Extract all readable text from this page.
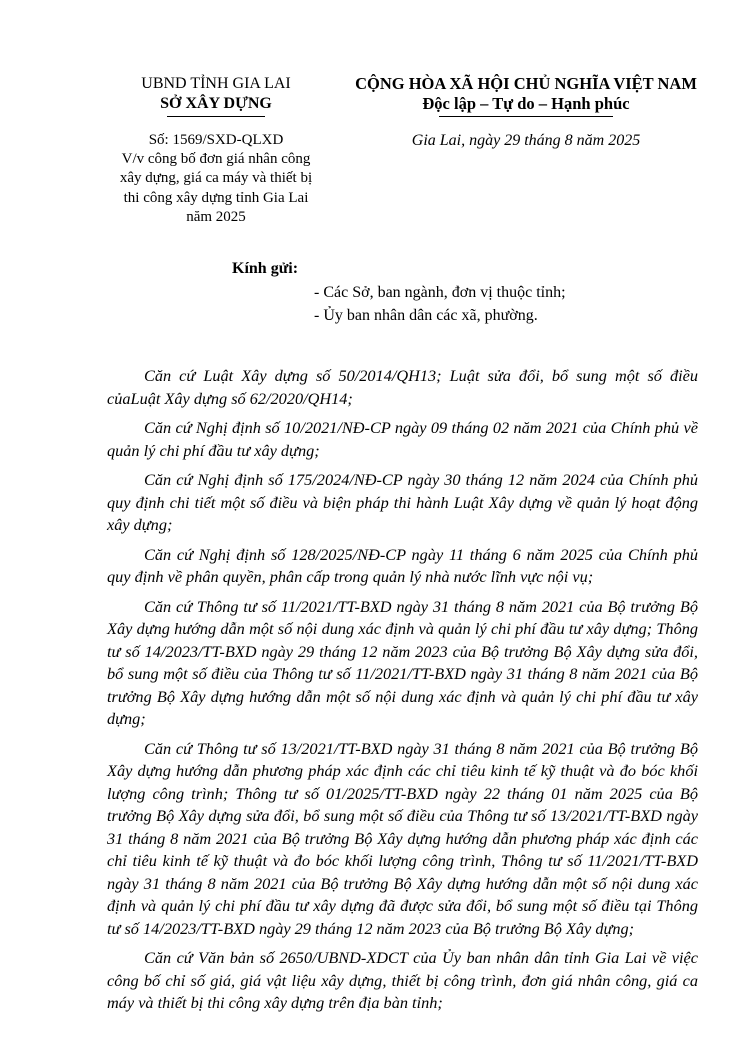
UBND TỈNH GIA LAI
SỞ XÂY DỰNG
CỘNG HÒA XÃ HỘI CHỦ NGHĨA VIỆT NAM
Độc lập – Tự do – Hạnh phúc
Số: 1569/SXD-QLXD
V/v công bố đơn giá nhân công
xây dựng, giá ca máy và thiết bị
thi công xây dựng tỉnh Gia Lai
năm 2025
Gia Lai, ngày 29 tháng 8 năm 2025
Kính gửi:
- Các Sở, ban ngành, đơn vị thuộc tỉnh;
- Ủy ban nhân dân các xã, phường.

Căn cứ Luật Xây dựng số 50/2014/QH13; Luật sửa đổi, bổ sung một số điều củaLuật Xây dựng số 62/2020/QH14;

Căn cứ Nghị định số 10/2021/NĐ-CP ngày 09 tháng 02 năm 2021 của Chính phủ về quản lý chi phí đầu tư xây dựng;

Căn cứ Nghị định số 175/2024/NĐ-CP ngày 30 tháng 12 năm 2024 của Chính phủ quy định chi tiết một số điều và biện pháp thi hành Luật Xây dựng về quản lý hoạt động xây dựng;

Căn cứ Nghị định số 128/2025/NĐ-CP ngày 11 tháng 6 năm 2025 của Chính phủ quy định về phân quyền, phân cấp trong quản lý nhà nước lĩnh vực nội vụ;

Căn cứ Thông tư số 11/2021/TT-BXD ngày 31 tháng 8 năm 2021 của Bộ trưởng Bộ Xây dựng hướng dẫn một số nội dung xác định và quản lý chi phí đầu tư xây dựng; Thông tư số 14/2023/TT-BXD ngày 29 tháng 12 năm 2023 của Bộ trưởng Bộ Xây dựng sửa đổi, bổ sung một số điều của Thông tư số 11/2021/TT-BXD ngày 31 tháng 8 năm 2021 của Bộ trưởng Bộ Xây dựng hướng dẫn một số nội dung xác định và quản lý chi phí đầu tư xây dựng;

Căn cứ Thông tư số 13/2021/TT-BXD ngày 31 tháng 8 năm 2021 của Bộ trưởng Bộ Xây dựng hướng dẫn phương pháp xác định các chỉ tiêu kinh tế kỹ thuật và đo bóc khối lượng công trình; Thông tư số 01/2025/TT-BXD ngày 22 tháng 01 năm 2025 của Bộ trưởng Bộ Xây dựng sửa đổi, bổ sung một số điều của Thông tư số 13/2021/TT-BXD ngày 31 tháng 8 năm 2021 của Bộ trưởng Bộ Xây dựng hướng dẫn phương pháp xác định các chỉ tiêu kinh tế kỹ thuật và đo bóc khối lượng công trình, Thông tư số 11/2021/TT-BXD ngày 31 tháng 8 năm 2021 của Bộ trưởng Bộ Xây dựng hướng dẫn một số nội dung xác định và quản lý chi phí đầu tư xây dựng đã được sửa đổi, bổ sung một số điều tại Thông tư số 14/2023/TT-BXD ngày 29 tháng 12 năm 2023 của Bộ trưởng Bộ Xây dựng;

Căn cứ Văn bản số 2650/UBND-XDCT của Ủy ban nhân dân tỉnh Gia Lai về việc công bố chỉ số giá, giá vật liệu xây dựng, thiết bị công trình, đơn giá nhân công, giá ca máy và thiết bị thi công xây dựng trên địa bàn tỉnh;
